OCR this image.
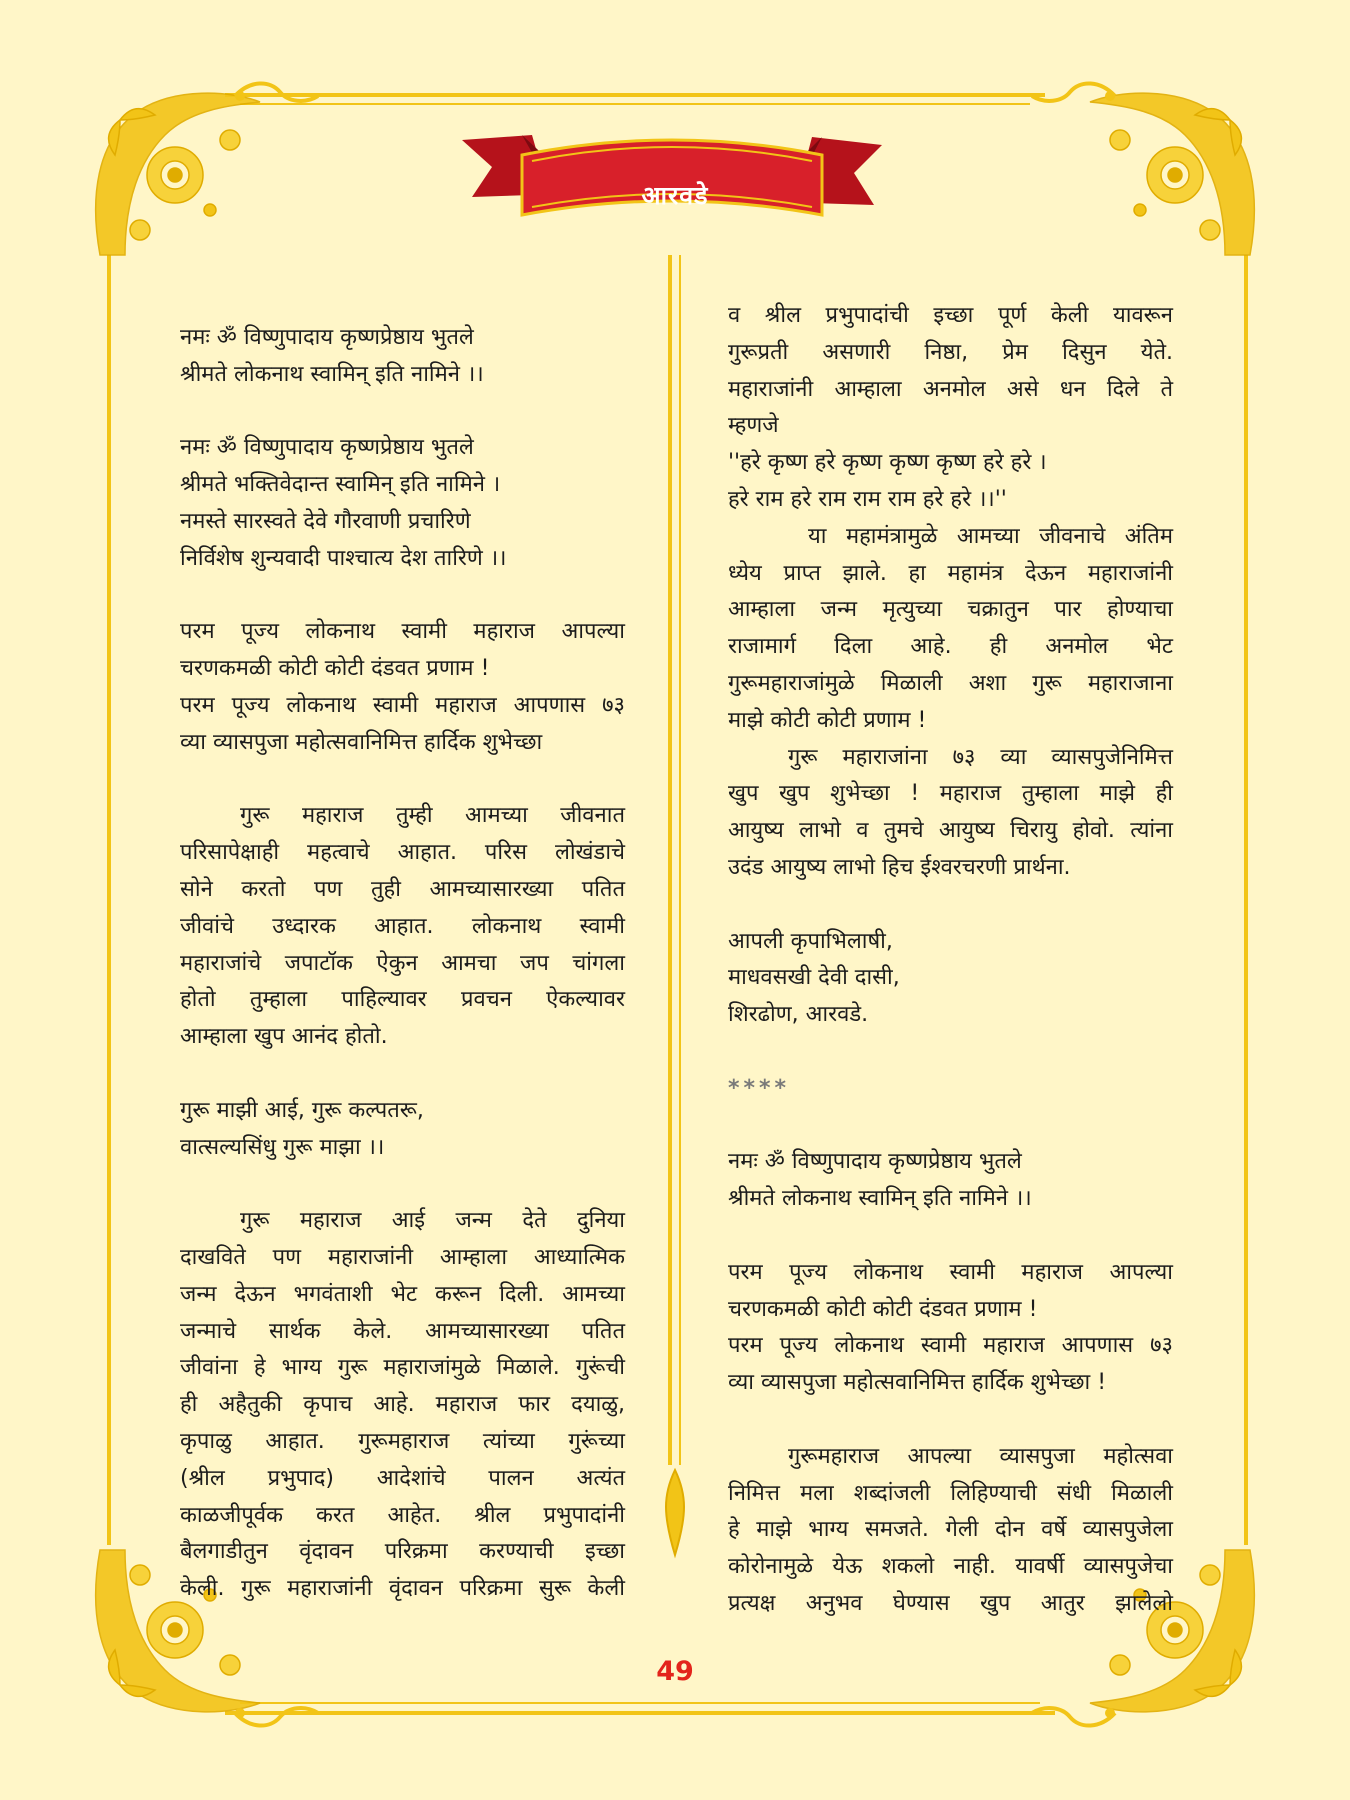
आरवडे

नमः ॐ विष्णुपादाय कृष्णप्रेष्ठाय भुतले

श्रीमते लोकनाथ स्वामिन् इति नामिने ।।

नमः ॐ विष्णुपादाय कृष्णप्रेष्ठाय भुतले

श्रीमते भक्तिवेदान्त स्वामिन् इति नामिने ।

नमस्ते सारस्वते देवे गौरवाणी प्रचारिणे

निर्विशेष शुन्यवादी पाश्चात्य देश तारिणे ।।

परम पूज्य लोकनाथ स्वामी महाराज आपल्या

चरणकमळी कोटी कोटी दंडवत प्रणाम !

परम पूज्य लोकनाथ स्वामी महाराज आपणास ७३

व्या व्यासपुजा महोत्सवानिमित्त हार्दिक शुभेच्छा

गुरू महाराज तुम्ही आमच्या जीवनात

परिसापेक्षाही महत्वाचे आहात. परिस लोखंडाचे

सोने करतो पण तुही आमच्यासारख्या पतित

जीवांचे उध्दारक आहात. लोकनाथ स्वामी

महाराजांचे जपाटॉक ऐकुन आमचा जप चांगला

होतो तुम्हाला पाहिल्यावर प्रवचन ऐकल्यावर

आम्हाला खुप आनंद होतो.

गुरू माझी आई, गुरू कल्पतरू,

वात्सल्यसिंधु गुरू माझा ।।

गुरू महाराज आई जन्म देते दुनिया

दाखविते पण महाराजांनी आम्हाला आध्यात्मिक

जन्म देऊन भगवंताशी भेट करून दिली. आमच्या

जन्माचे सार्थक केले. आमच्यासारख्या पतित

जीवांना हे भाग्य गुरू महाराजांमुळे मिळाले. गुरूंची

ही अहैतुकी कृपाच आहे. महाराज फार दयाळु,

कृपाळु आहात. गुरूमहाराज त्यांच्या गुरूंच्या

(श्रील प्रभुपाद) आदेशांचे पालन अत्यंत

काळजीपूर्वक करत आहेत. श्रील प्रभुपादांनी

बैलगाडीतुन वृंदावन परिक्रमा करण्याची इच्छा

केली. गुरू महाराजांनी वृंदावन परिक्रमा सुरू केली

व श्रील प्रभुपादांची इच्छा पूर्ण केली यावरून

गुरूप्रती असणारी निष्ठा, प्रेम दिसुन येते.

महाराजांनी आम्हाला अनमोल असे धन दिले ते

म्हणजे

''हरे कृष्ण हरे कृष्ण कृष्ण कृष्ण हरे हरे ।

हरे राम हरे राम राम राम हरे हरे ।।''

या महामंत्रामुळे आमच्या जीवनाचे अंतिम

ध्येय प्राप्त झाले. हा महामंत्र देऊन महाराजांनी

आम्हाला जन्म मृत्युच्या चक्रातुन पार होण्याचा

राजामार्ग दिला आहे. ही अनमोल भेट

गुरूमहाराजांमुळे मिळाली अशा गुरू महाराजाना

माझे कोटी कोटी प्रणाम !

गुरू महाराजांना ७३ व्या व्यासपुजेनिमित्त

खुप खुप शुभेच्छा ! महाराज तुम्हाला माझे ही

आयुष्य लाभो व तुमचे आयुष्य चिरायु होवो. त्यांना

उदंड आयुष्य लाभो हिच ईश्वरचरणी प्रार्थना.

आपली कृपाभिलाषी,

माधवसखी देवी दासी,

शिरढोण, आरवडे.

****

नमः ॐ विष्णुपादाय कृष्णप्रेष्ठाय भुतले

श्रीमते लोकनाथ स्वामिन् इति नामिने ।।

परम पूज्य लोकनाथ स्वामी महाराज आपल्या

चरणकमळी कोटी कोटी दंडवत प्रणाम !

परम पूज्य लोकनाथ स्वामी महाराज आपणास ७३

व्या व्यासपुजा महोत्सवानिमित्त हार्दिक शुभेच्छा !

गुरूमहाराज आपल्या व्यासपुजा महोत्सवा

निमित्त मला शब्दांजली लिहिण्याची संधी मिळाली

हे माझे भाग्य समजते. गेली दोन वर्षे व्यासपुजेला

कोरोनामुळे येऊ शकलो नाही. यावर्षी व्यासपुजेचा

प्रत्यक्ष अनुभव घेण्यास खुप आतुर झालेलो

49
